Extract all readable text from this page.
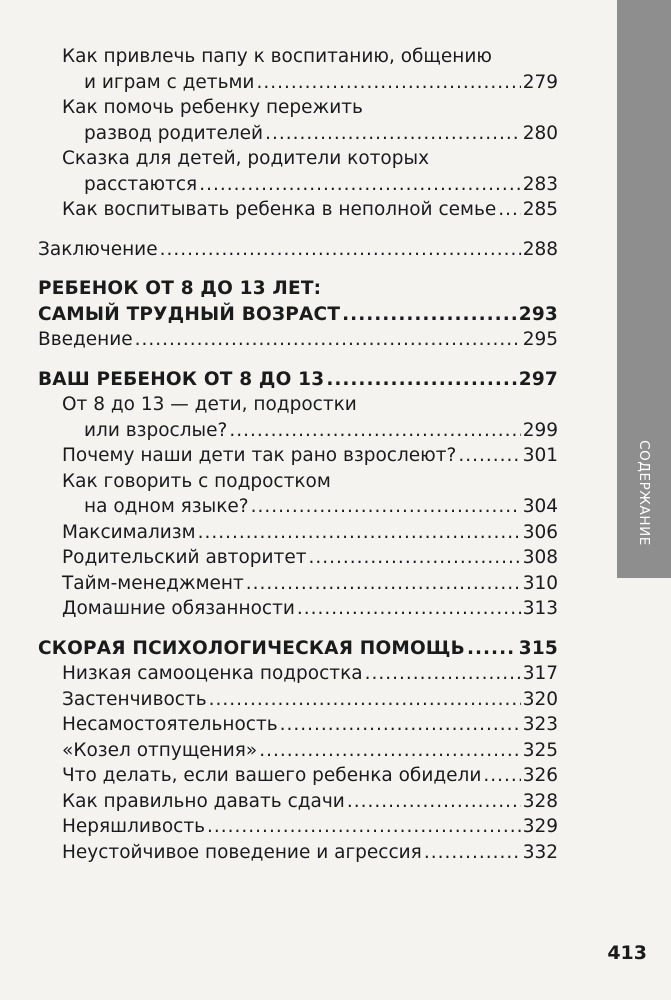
Как привлечь папу к воспитанию, общению
и играм с детьми .....	279
Как помочь ребенку пережить
развод родителей .....	280
Сказка для детей, родители которых
расстаются .....	283
Как воспитывать ребенка в неполной семье ..... 285
Заключение .....	288
РЕБЕНОК ОТ 8 ДО 13 ЛЕТ:
САМЫЙ ТРУДНЫЙ ВОЗРАСТ .....	293
Введение .....	295
ВАШ РЕБЕНОК ОТ 8 ДО 13 .....	297
От 8 до 13 — дети, подростки
или взрослые? .....	299
Почему наши дети так рано взрослеют? .....	301
Как говорить с подростком
на одном языке? .....	304
Максимализм .....	306
Родительский авторитет .....	308
Тайм-менеджмент .....	310
Домашние обязанности .....	313
СКОРАЯ ПСИХОЛОГИЧЕСКАЯ ПОМОЩЬ .....	315
Низкая самооценка подростка .....	317
Застенчивость .....	320
Несамостоятельность .....	323
«Козел отпущения» .....	325
Что делать, если вашего ребенка обидели ..... 326
Как правильно давать сдачи .....	328
Неряшливость .....	329
Неустойчивое поведение и агрессия .....	332
СОДЕРЖАНИЕ
413
